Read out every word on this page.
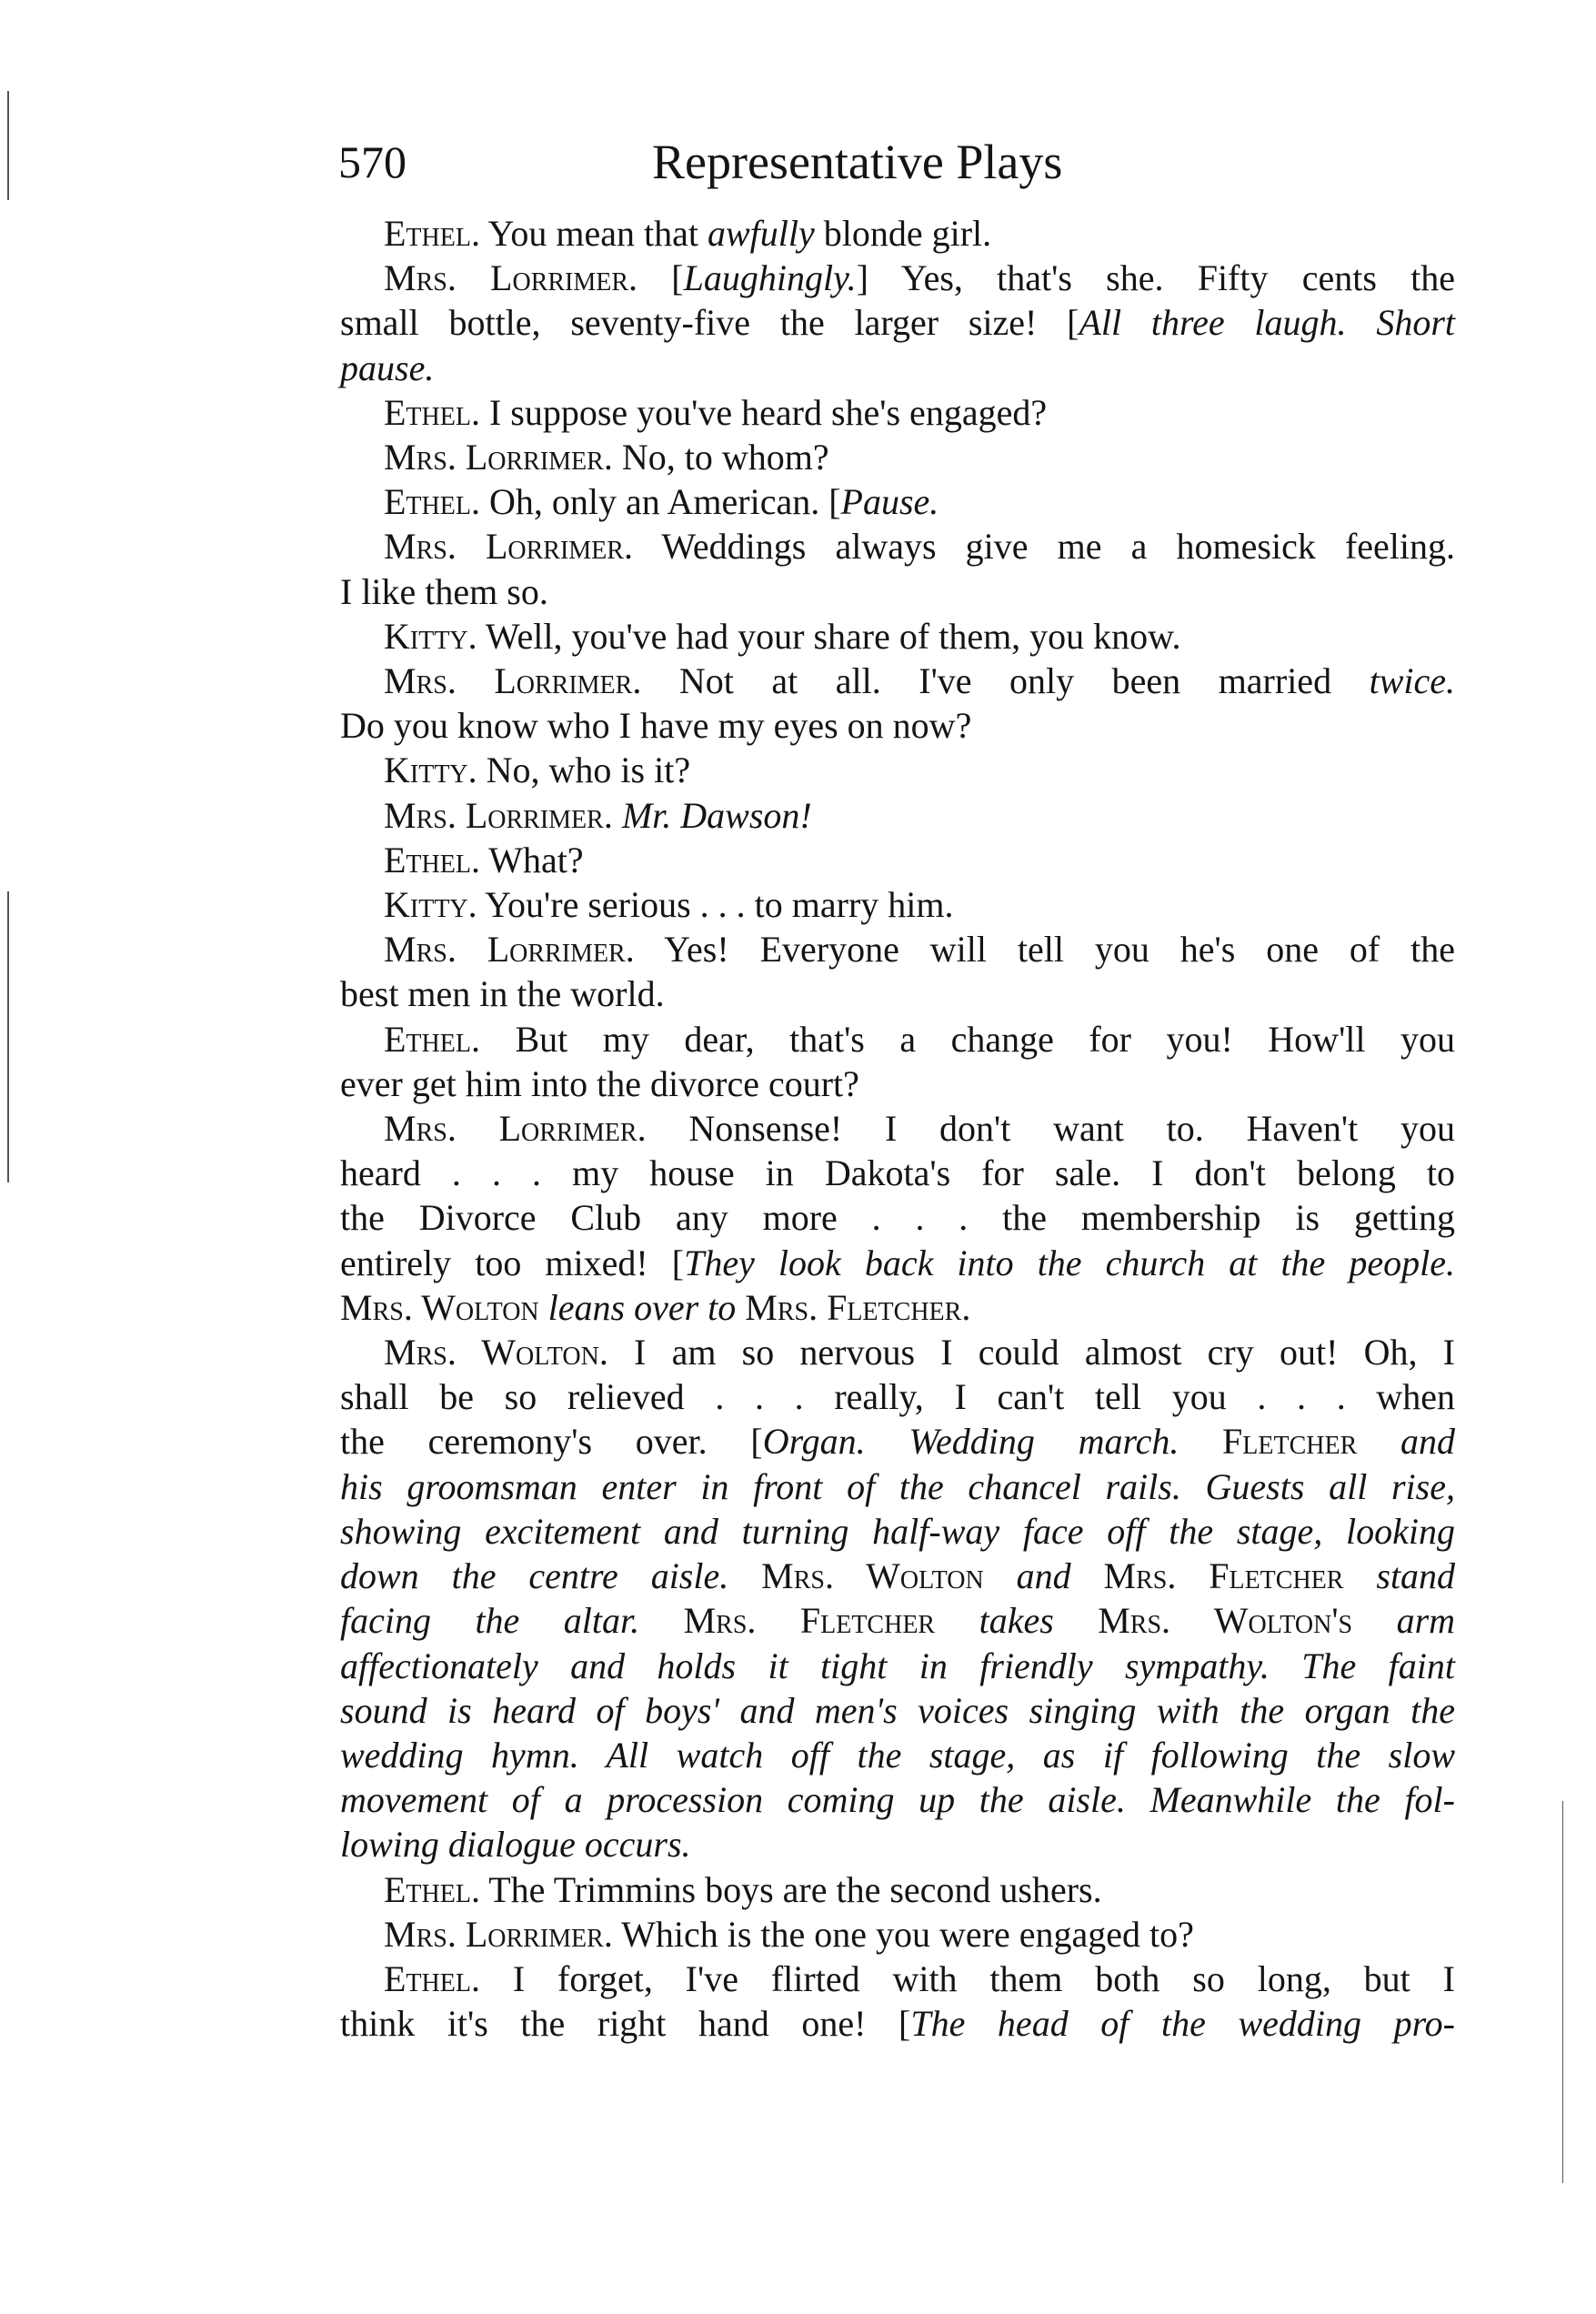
570	Representative Plays
Ethel. You mean that awfully blonde girl.
Mrs. Lorrimer. [Laughingly.] Yes, that's she. Fifty cents the
small bottle, seventy-five the larger size! [All three laugh. Short
pause.
Ethel. I suppose you've heard she's engaged?
Mrs. Lorrimer. No, to whom?
Ethel. Oh, only an American. [Pause.
Mrs. Lorrimer. Weddings always give me a homesick feeling.
I like them so.
Kitty. Well, you've had your share of them, you know.
Mrs. Lorrimer. Not at all. I've only been married twice.
Do you know who I have my eyes on now?
Kitty. No, who is it?
Mrs. Lorrimer. Mr. Dawson!
Ethel. What?
Kitty. You're serious . . . to marry him.
Mrs. Lorrimer. Yes! Everyone will tell you he's one of the
best men in the world.
Ethel. But my dear, that's a change for you! How'll you
ever get him into the divorce court?
Mrs. Lorrimer. Nonsense! I don't want to. Haven't you
heard . . . my house in Dakota's for sale. I don't belong to
the Divorce Club any more . . . the membership is getting
entirely too mixed! [They look back into the church at the people.
Mrs. Wolton leans over to Mrs. Fletcher.
Mrs. Wolton. I am so nervous I could almost cry out! Oh, I
shall be so relieved . . . really, I can't tell you . . . when
the ceremony's over. [Organ. Wedding march. Fletcher and
his groomsman enter in front of the chancel rails. Guests all rise,
showing excitement and turning half-way face off the stage, looking
down the centre aisle. Mrs. Wolton and Mrs. Fletcher stand
facing the altar. Mrs. Fletcher takes Mrs. Wolton's arm
affectionately and holds it tight in friendly sympathy. The faint
sound is heard of boys' and men's voices singing with the organ the
wedding hymn. All watch off the stage, as if following the slow
movement of a procession coming up the aisle. Meanwhile the fol-
lowing dialogue occurs.
Ethel. The Trimmins boys are the second ushers.
Mrs. Lorrimer. Which is the one you were engaged to?
Ethel. I forget, I've flirted with them both so long, but I
think it's the right hand one! [The head of the wedding pro-
